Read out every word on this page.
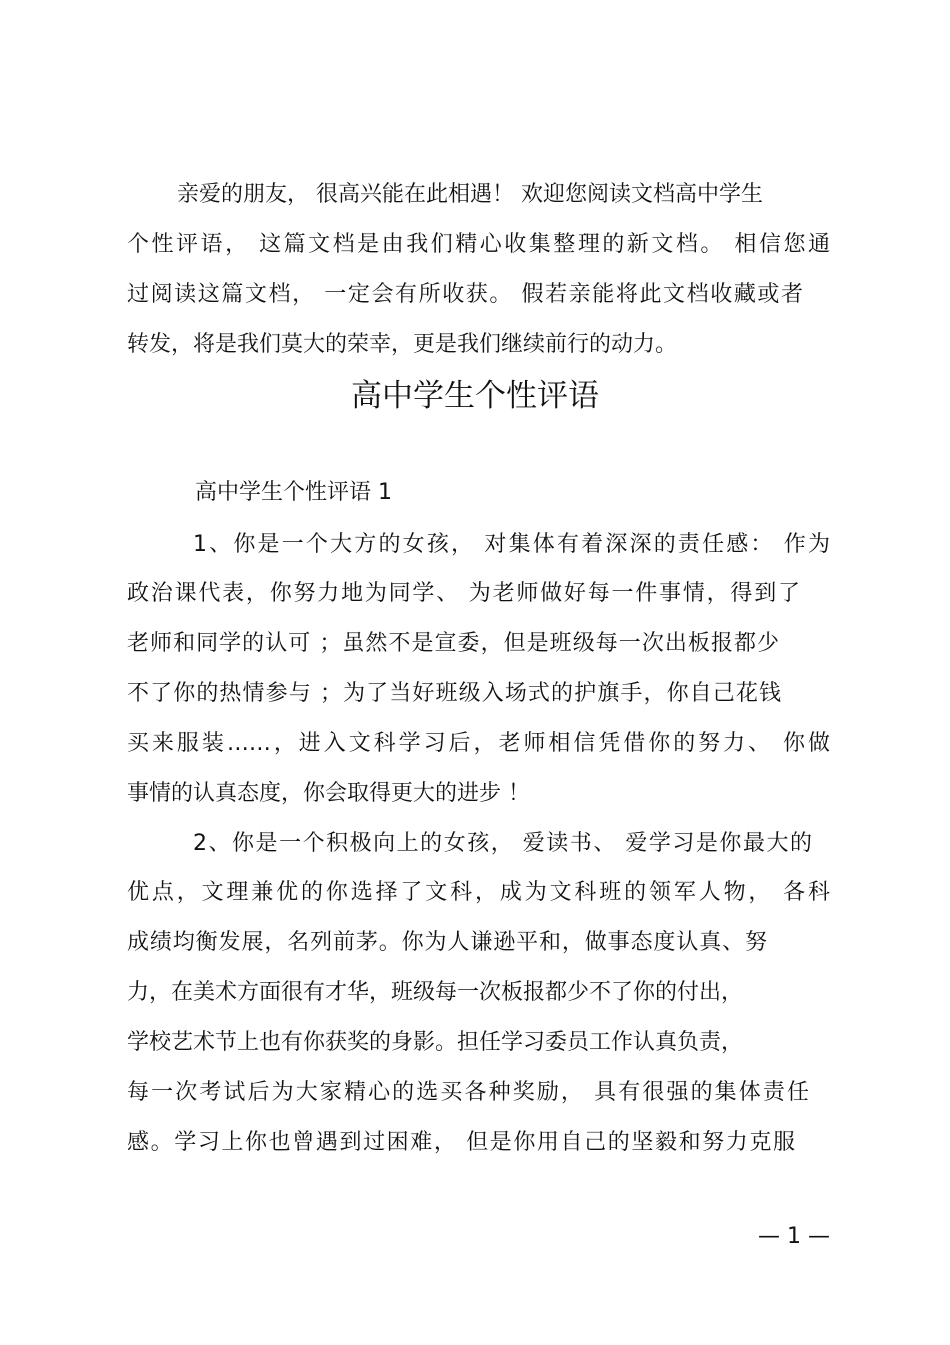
亲爱的朋友， 很高兴能在此相遇！ 欢迎您阅读文档高中学生
个性评语， 这篇文档是由我们精心收集整理的新文档。 相信您通
过阅读这篇文档， 一定会有所收获。 假若亲能将此文档收藏或者
转发，将是我们莫大的荣幸，更是我们继续前行的动力。
高中学生个性评语
高中学生个性评语 1
1、你是一个大方的女孩， 对集体有着深深的责任感： 作为
政治课代表，你努力地为同学、 为老师做好每一件事情，得到了
老师和同学的认可 ；虽然不是宣委，但是班级每一次出板报都少
不了你的热情参与 ；为了当好班级入场式的护旗手，你自己花钱
买来服装……，进入文科学习后，老师相信凭借你的努力、 你做
事情的认真态度，你会取得更大的进步 ！
2、你是一个积极向上的女孩， 爱读书、 爱学习是你最大的
优点，文理兼优的你选择了文科，成为文科班的领军人物， 各科
成绩均衡发展，名列前茅。你为人谦逊平和，做事态度认真、努
力，在美术方面很有才华，班级每一次板报都少不了你的付出，
学校艺术节上也有你获奖的身影。担任学习委员工作认真负责，
每一次考试后为大家精心的选买各种奖励， 具有很强的集体责任
感。学习上你也曾遇到过困难， 但是你用自己的坚毅和努力克服
— 1 —
